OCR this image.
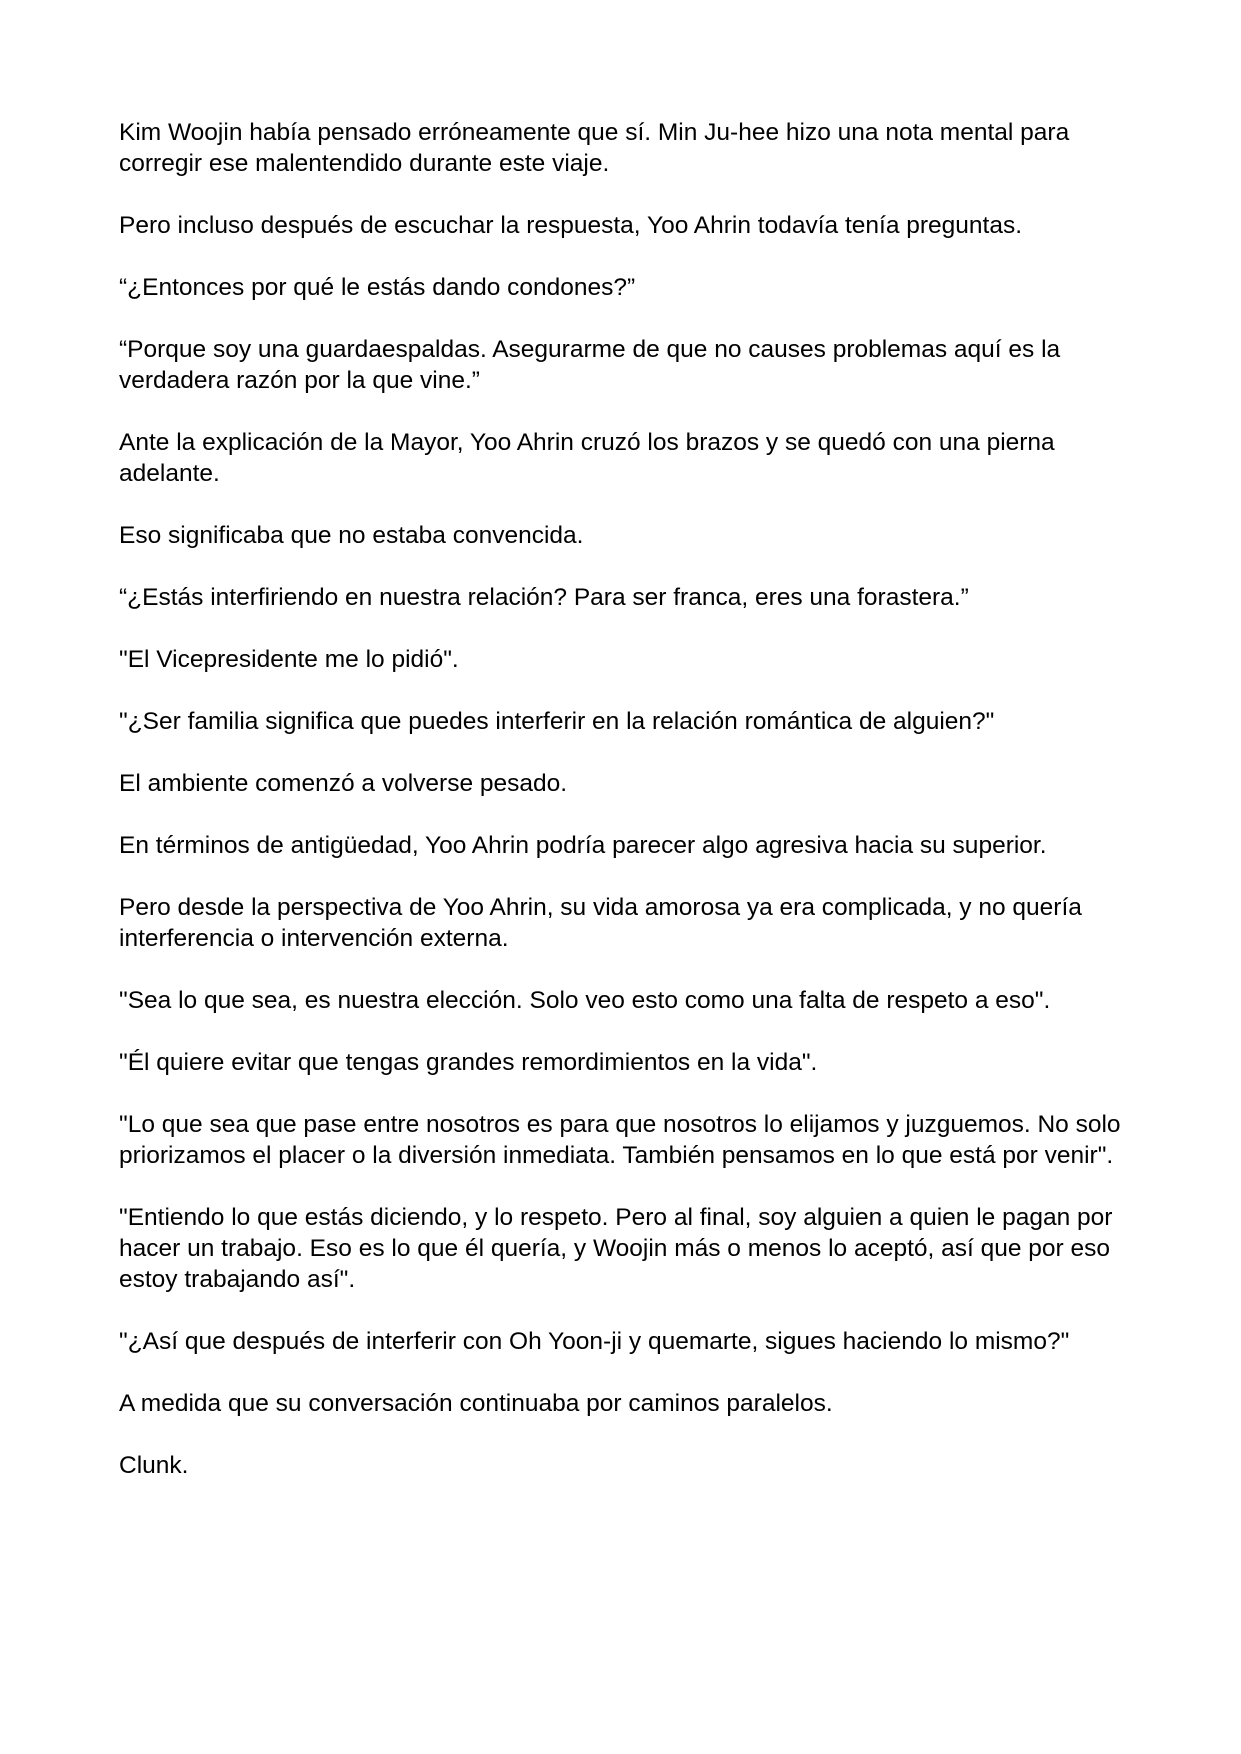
Kim Woojin había pensado erróneamente que sí. Min Ju-hee hizo una nota mental para corregir ese malentendido durante este viaje.

Pero incluso después de escuchar la respuesta, Yoo Ahrin todavía tenía preguntas.

“¿Entonces por qué le estás dando condones?”

“Porque soy una guardaespaldas. Asegurarme de que no causes problemas aquí es la verdadera razón por la que vine.”

Ante la explicación de la Mayor, Yoo Ahrin cruzó los brazos y se quedó con una pierna adelante.

Eso significaba que no estaba convencida.

“¿Estás interfiriendo en nuestra relación? Para ser franca, eres una forastera.”

"El Vicepresidente me lo pidió".

"¿Ser familia significa que puedes interferir en la relación romántica de alguien?"

El ambiente comenzó a volverse pesado.

En términos de antigüedad, Yoo Ahrin podría parecer algo agresiva hacia su superior.

Pero desde la perspectiva de Yoo Ahrin, su vida amorosa ya era complicada, y no quería interferencia o intervención externa.

"Sea lo que sea, es nuestra elección. Solo veo esto como una falta de respeto a eso".

"Él quiere evitar que tengas grandes remordimientos en la vida".

"Lo que sea que pase entre nosotros es para que nosotros lo elijamos y juzguemos. No solo priorizamos el placer o la diversión inmediata. También pensamos en lo que está por venir".

"Entiendo lo que estás diciendo, y lo respeto. Pero al final, soy alguien a quien le pagan por hacer un trabajo. Eso es lo que él quería, y Woojin más o menos lo aceptó, así que por eso estoy trabajando así".

"¿Así que después de interferir con Oh Yoon-ji y quemarte, sigues haciendo lo mismo?"

A medida que su conversación continuaba por caminos paralelos.

Clunk.
